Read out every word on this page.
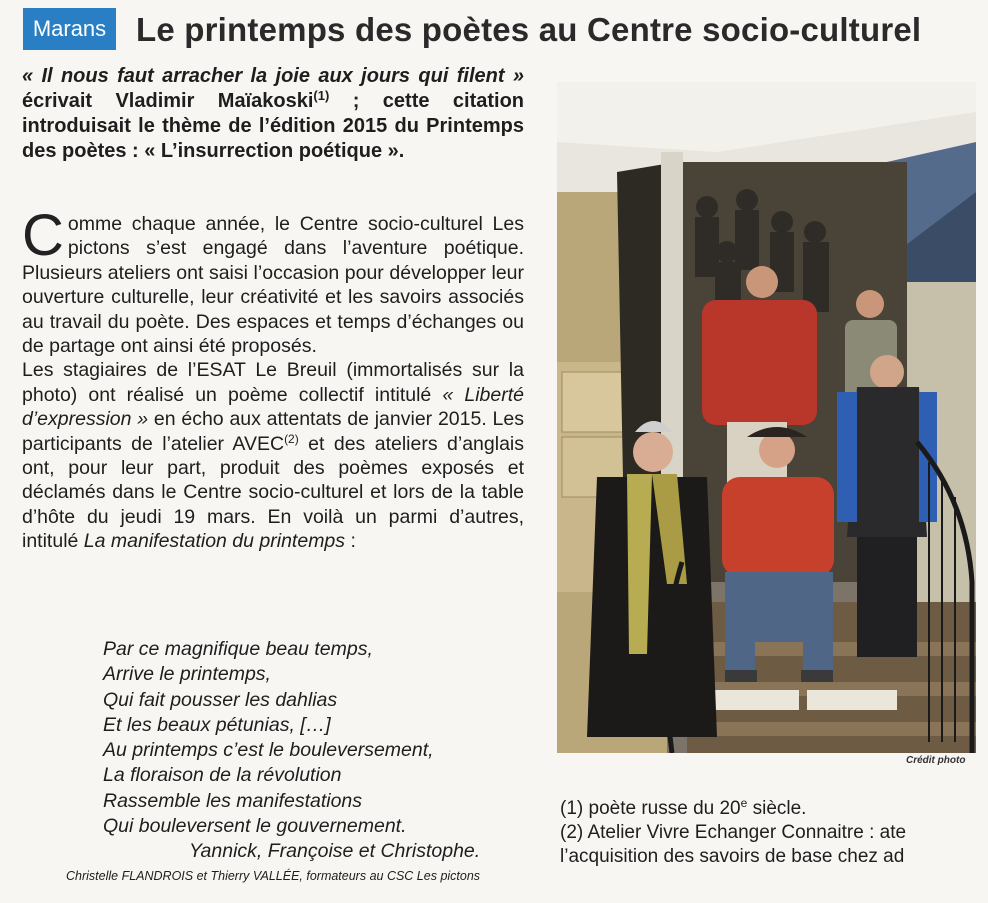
Marans Le printemps des poètes au Centre socio-culturel
« Il nous faut arracher la joie aux jours qui filent » écrivait Vladimir Maïakoski$^{(1)}$ ; cette citation introduisait le thème de l’édition 2015 du Printemps des poètes : « L’insurrection poétique ».

Comme chaque année, le Centre socio-culturel Les pictons s’est engagé dans l’aventure poétique. Plusieurs ateliers ont saisi l’occasion pour développer leur ouverture culturelle, leur créativité et les savoirs associés au travail du poète. Des espaces et temps d’échanges ou de partage ont ainsi été proposés.

Les stagiaires de l’ESAT Le Breuil (immortalisés sur la photo) ont réalisé un poème collectif intitulé « Liberté d’expression » en écho aux attentats de janvier 2015. Les participants de l’atelier AVEC$^{(2)}$ et des ateliers d’anglais ont, pour leur part, produit des poèmes exposés et déclamés dans le Centre socio-culturel et lors de la table d’hôte du jeudi 19 mars. En voilà un parmi d’autres, intitulé La manifestation du printemps :

Par ce magnifique beau temps,
Arrive le printemps,
Qui fait pousser les dahlias
Et les beaux pétunias, […]
Au printemps c’est le bouleversement,
La floraison de la révolution
Rassemble les manifestations
Qui bouleversent le gouvernement.
Yannick, Françoise et Christophe.
Christelle FLANDROIS et Thierry VALLÉE, formateurs au CSC Les pictons
Crédit photo
(1) poète russe du 20e siècle.
(2) Atelier Vivre Echanger Connaitre : ate
l’acquisition des savoirs de base chez ad
